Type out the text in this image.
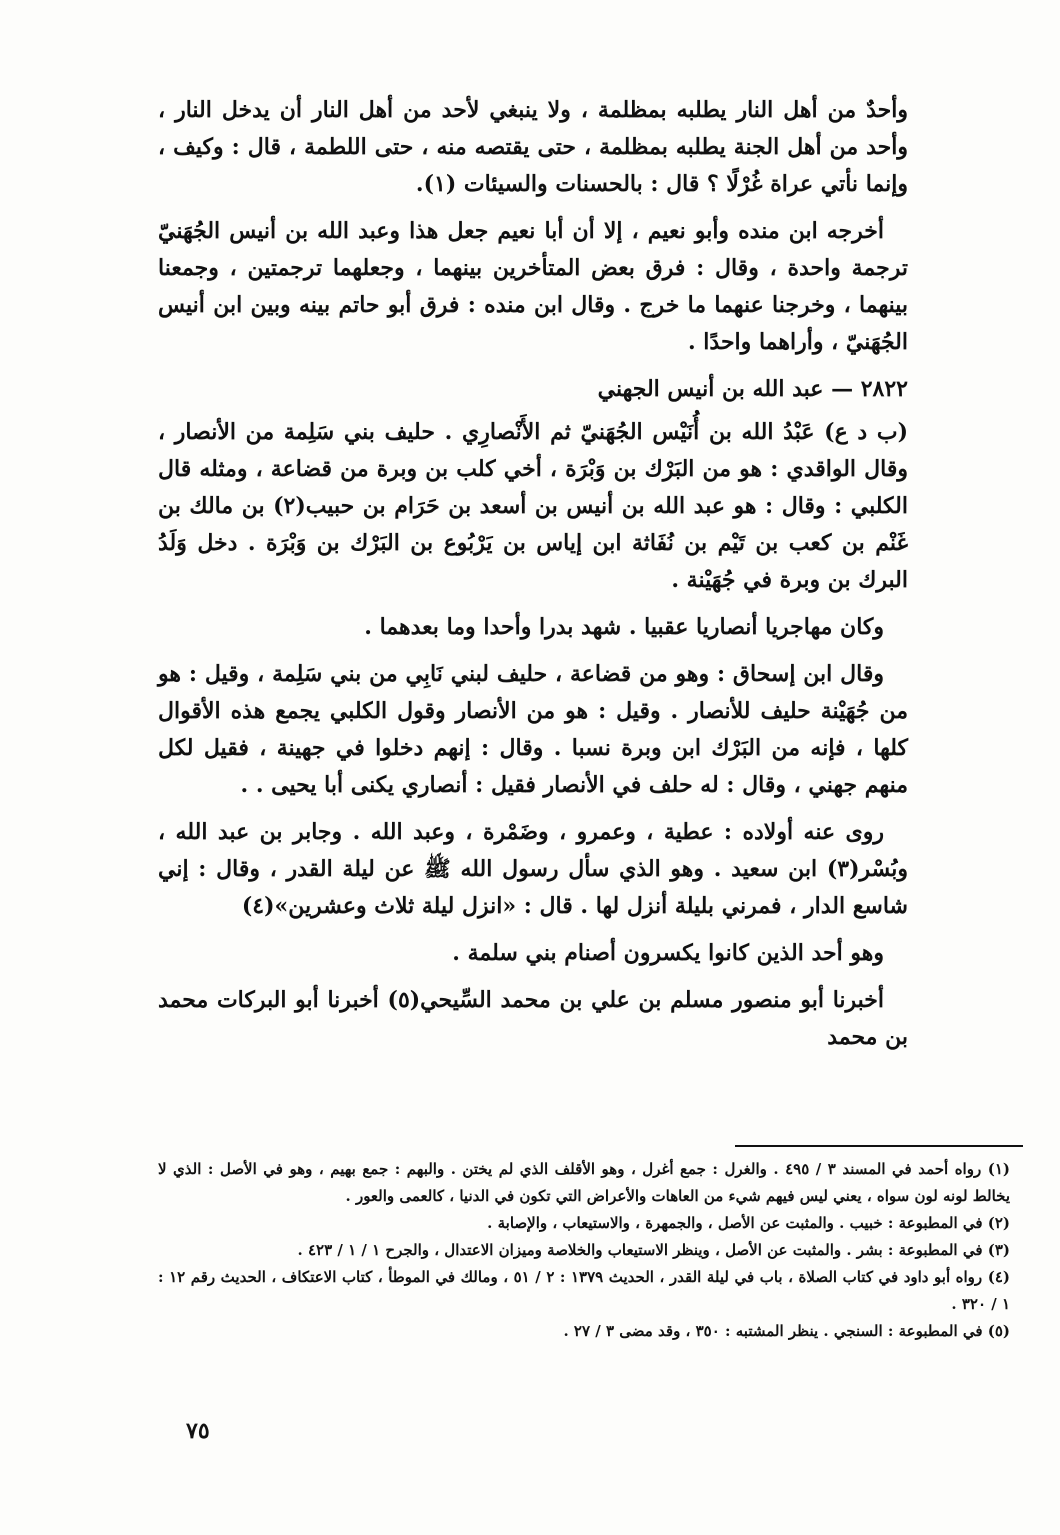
وأحدٌ من أهل النار يطلبه بمظلمة ، ولا ينبغي لأحد من أهل النار أن يدخل النار ، وأحد من أهل الجنة يطلبه بمظلمة ، حتى يقتصه منه ، حتى اللطمة ، قال : وكيف ، وإنما نأتي عراة غُرْلًا ؟ قال : بالحسنات والسيئات (١).

أخرجه ابن منده وأبو نعيم ، إلا أن أبا نعيم جعل هذا وعبد الله بن أنيس الجُهَنيّ ترجمة واحدة ، وقال : فرق بعض المتأخرين بينهما ، وجعلهما ترجمتين ، وجمعنا بينهما ، وخرجنا عنهما ما خرج . وقال ابن منده : فرق أبو حاتم بينه وبين ابن أنيس الجُهَنيّ ، وأراهما واحدًا .

٢٨٢٢ — عبد الله بن أنيس الجهني

(ب د ع) عَبْدُ الله بن أُنَيْس الجُهَنيّ ثم الأَنْصارِي . حليف بني سَلِمة من الأنصار ، وقال الواقدي : هو من البَرْك بن وَبْرَة ، أخي كلب بن وبرة من قضاعة ، ومثله قال الكلبي : وقال : هو عبد الله بن أنيس بن أسعد بن حَرَام بن حبيب(٢) بن مالك بن غَنْم بن كعب بن تَيْم بن نُفَاثة ابن إياس بن يَرْبُوع بن البَرْك بن وَبْرَة . دخل وَلَدُ البرك بن وبرة في جُهَيْنة .

وكان مهاجريا أنصاريا عقبيا . شهد بدرا وأحدا وما بعدهما .

وقال ابن إسحاق : وهو من قضاعة ، حليف لبني نَابِي من بني سَلِمة ، وقيل : هو من جُهَيْنة حليف للأنصار . وقيل : هو من الأنصار وقول الكلبي يجمع هذه الأقوال كلها ، فإنه من البَرْك ابن وبرة نسبا . وقال : إنهم دخلوا في جهينة ، فقيل لكل منهم جهني ، وقال : له حلف في الأنصار فقيل : أنصاري يكنى أبا يحيى . .

روى عنه أولاده : عطية ، وعمرو ، وضَمْرة ، وعبد الله . وجابر بن عبد الله ، وبُسْر(٣) ابن سعيد . وهو الذي سأل رسول الله ﷺ عن ليلة القدر ، وقال : إني شاسع الدار ، فمرني بليلة أنزل لها . قال : «انزل ليلة ثلاث وعشرين»(٤)

وهو أحد الذين كانوا يكسرون أصنام بني سلمة .

أخبرنا أبو منصور مسلم بن علي بن محمد السِّيحي(٥) أخبرنا أبو البركات محمد بن محمد

(١) رواه أحمد في المسند ٣ / ٤٩٥ . والغرل : جمع أغرل ، وهو الأقلف الذي لم يختن . والبهم : جمع بهيم ، وهو في الأصل : الذي لا يخالط لونه لون سواه ، يعني ليس فيهم شيء من العاهات والأعراض التي تكون في الدنيا ، كالعمى والعور .

(٢) في المطبوعة : خبيب . والمثبت عن الأصل ، والجمهرة ، والاستيعاب ، والإصابة .

(٣) في المطبوعة : بشر . والمثبت عن الأصل ، وينظر الاستيعاب والخلاصة وميزان الاعتدال ، والجرح ١ / ١ / ٤٢٣ .

(٤) رواه أبو داود في كتاب الصلاة ، باب في ليلة القدر ، الحديث ١٣٧٩ : ٢ / ٥١ ، ومالك في الموطأ ، كتاب الاعتكاف ، الحديث رقم ١٢ : ١ / ٣٢٠ .

(٥) في المطبوعة : السنجي . ينظر المشتبه : ٣٥٠ ، وقد مضى ٣ / ٢٧ .

٧٥
